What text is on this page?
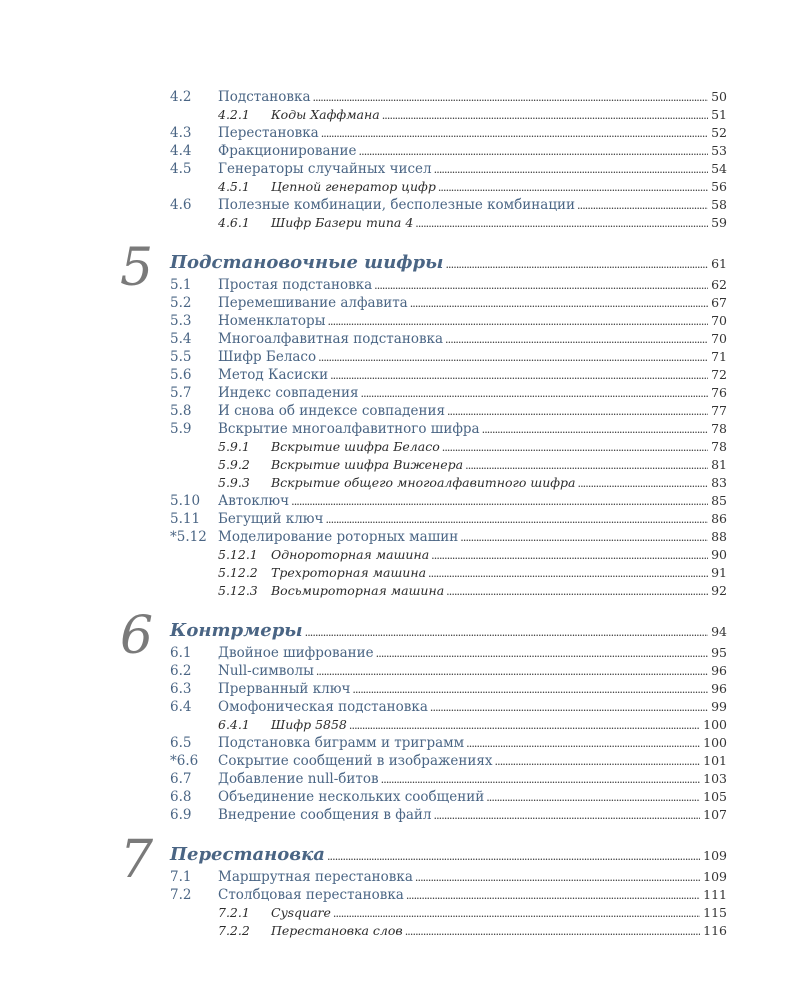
4.2 Подстановка . . .	50
4.2.1 Коды Хаффмана . . .	51
4.3 Перестановка . . .	52
4.4 Фракционирование . . .	53
4.5 Генераторы случайных чисел . . .	54
4.5.1 Цепной генератор цифр . . .	56
4.6 Полезные комбинации, бесполезные комбинации . . .	58
4.6.1 Шифр Базери типа 4 . . .	59
5 Подстановочные шифры . . .	61
5.1 Простая подстановка . . .	62
5.2 Перемешивание алфавита . . .	67
5.3 Номенклаторы . . .	70
5.4 Многоалфавитная подстановка . . .	70
5.5 Шифр Беласо . . .	71
5.6 Метод Касиски . . .	72
5.7 Индекс совпадения . . .	76
5.8 И снова об индексе совпадения . . .	77
5.9 Вскрытие многоалфавитного шифра . . .	78
5.9.1 Вскрытие шифра Беласо . . .	78
5.9.2 Вскрытие шифра Виженера . . .	81
5.9.3 Вскрытие общего многоалфавитного шифра . . .	83
5.10 Автоключ . . .	85
5.11 Бегущий ключ . . .	86
*5.12 Моделирование роторных машин . . .	88
5.12.1 Однороторная машина . . .	90
5.12.2 Трехроторная машина . . .	91
5.12.3 Восьмироторная машина . . .	92
6 Контрмеры . . .	94
6.1 Двойное шифрование . . .	95
6.2 Null-символы . . .	96
6.3 Прерванный ключ . . .	96
6.4 Омофоническая подстановка . . .	99
6.4.1 Шифр 5858 . . .	100
6.5 Подстановка биграмм и триграмм . . .	100
*6.6 Сокрытие сообщений в изображениях . . .	101
6.7 Добавление null-битов . . .	103
6.8 Объединение нескольких сообщений . . .	105
6.9 Внедрение сообщения в файл . . .	107
7 Перестановка . . .	109
7.1 Маршрутная перестановка . . .	109
7.2 Столбцовая перестановка . . .	111
7.2.1 Cysquare . . .	115
7.2.2 Перестановка слов . . .	116
